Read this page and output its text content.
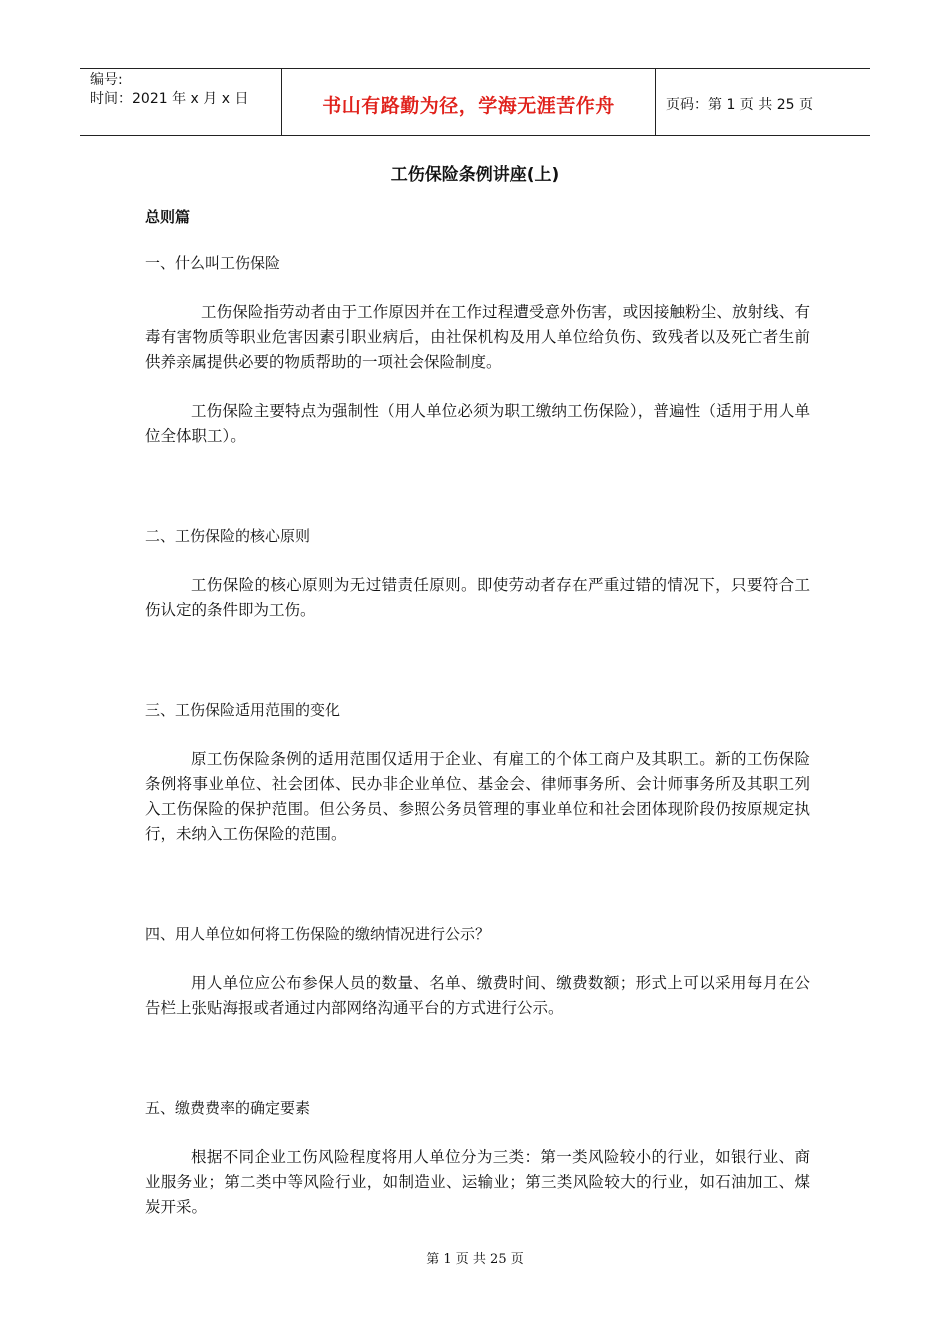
编号:
时间：2021 年 x 月 x 日	书山有路勤为径，学海无涯苦作舟	页码：第 1 页 共 25 页
工伤保险条例讲座(上)
总则篇
一、什么叫工伤保险

工伤保险指劳动者由于工作原因并在工作过程遭受意外伤害，或因接触粉尘、放射线、有毒有害物质等职业危害因素引职业病后，由社保机构及用人单位给负伤、致残者以及死亡者生前供养亲属提供必要的物质帮助的一项社会保险制度。

工伤保险主要特点为强制性（用人单位必须为职工缴纳工伤保险），普遍性（适用于用人单位全体职工）。

二、工伤保险的核心原则

工伤保险的核心原则为无过错责任原则。即使劳动者存在严重过错的情况下，只要符合工伤认定的条件即为工伤。

三、工伤保险适用范围的变化

原工伤保险条例的适用范围仅适用于企业、有雇工的个体工商户及其职工。新的工伤保险条例将事业单位、社会团体、民办非企业单位、基金会、律师事务所、会计师事务所及其职工列入工伤保险的保护范围。但公务员、参照公务员管理的事业单位和社会团体现阶段仍按原规定执行，未纳入工伤保险的范围。

四、用人单位如何将工伤保险的缴纳情况进行公示？

用人单位应公布参保人员的数量、名单、缴费时间、缴费数额；形式上可以采用每月在公告栏上张贴海报或者通过内部网络沟通平台的方式进行公示。

五、缴费费率的确定要素

根据不同企业工伤风险程度将用人单位分为三类：第一类风险较小的行业，如银行业、商业服务业；第二类中等风险行业，如制造业、运输业；第三类风险较大的行业，如石油加工、煤炭开采。

第 1 页 共 25 页
